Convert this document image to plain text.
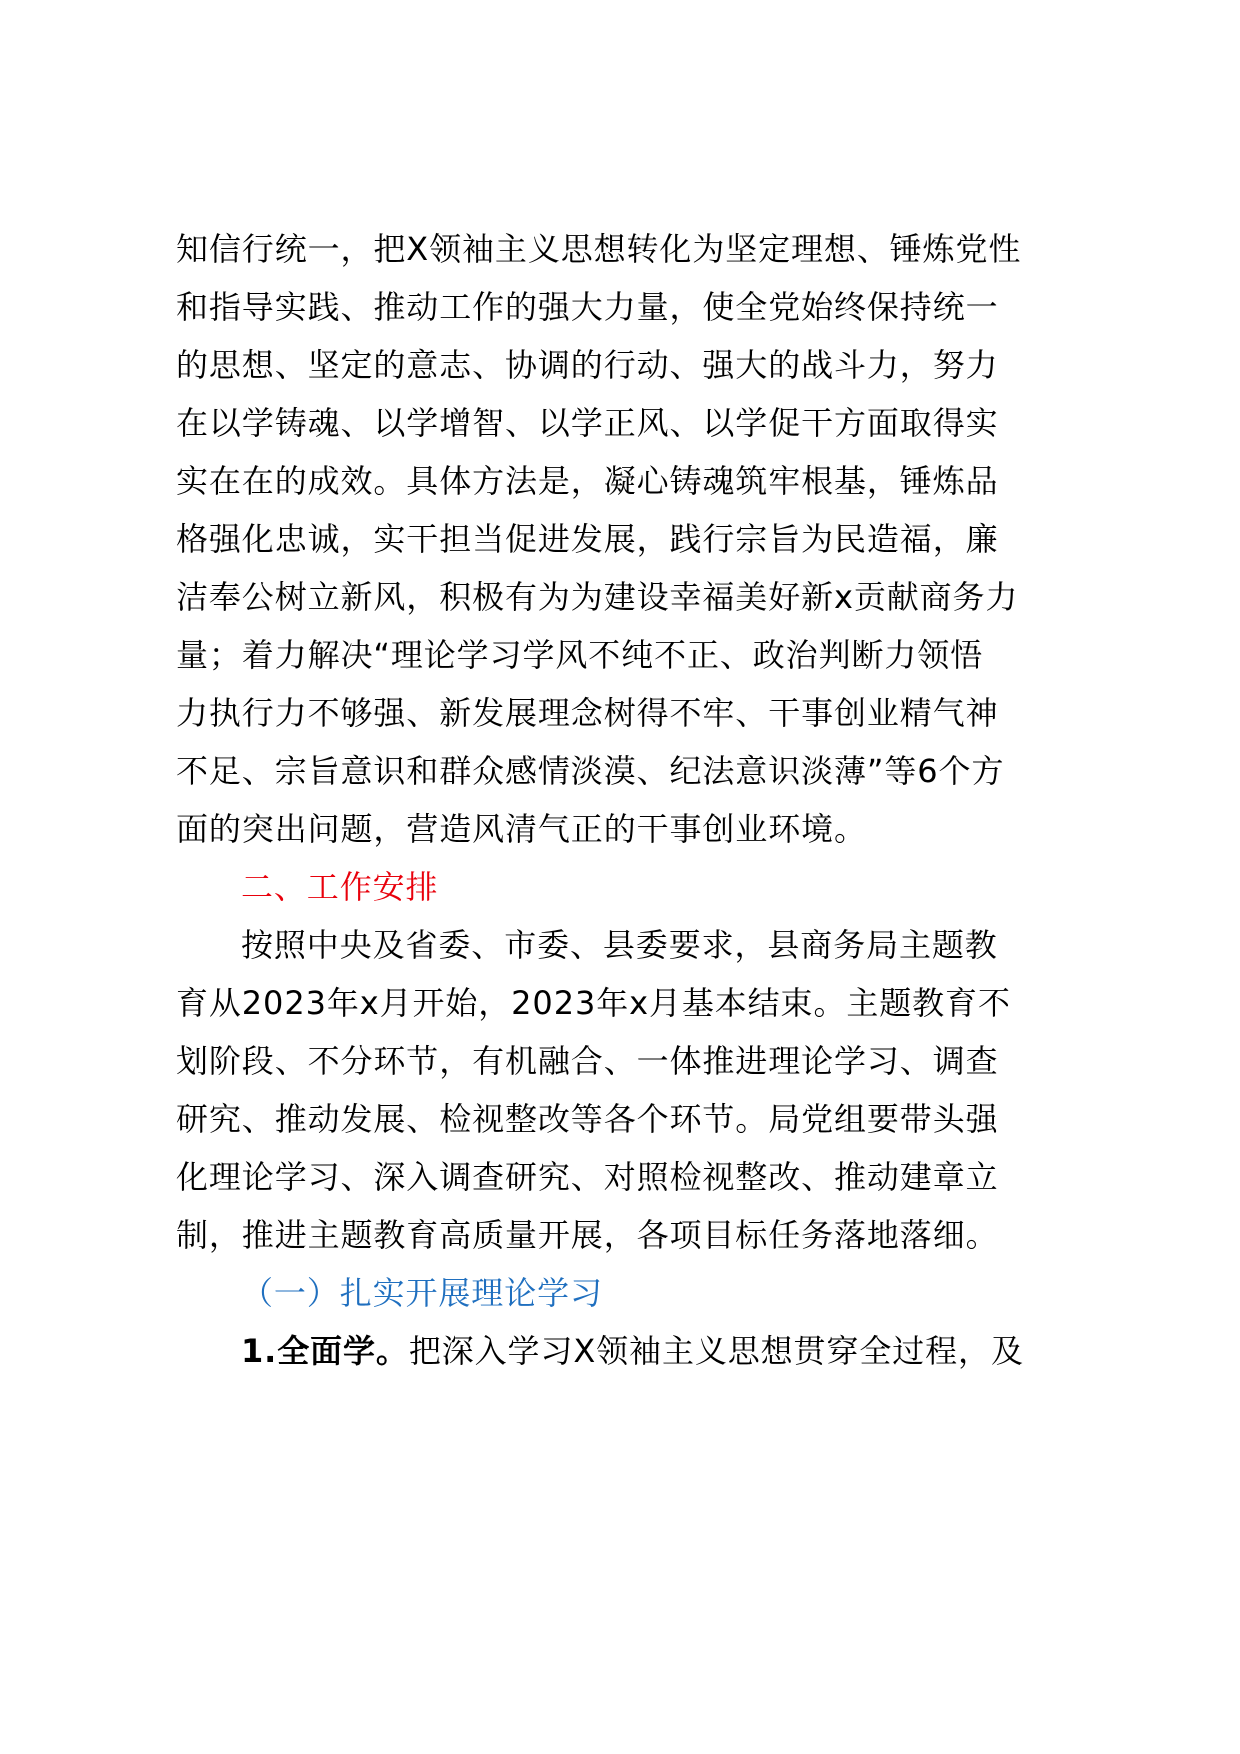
知信行统一，把X领袖主义思想转化为坚定理想、锤炼党性
和指导实践、推动工作的强大力量，使全党始终保持统一
的思想、坚定的意志、协调的行动、强大的战斗力，努力
在以学铸魂、以学增智、以学正风、以学促干方面取得实
实在在的成效。具体方法是，凝心铸魂筑牢根基，锤炼品
格强化忠诚，实干担当促进发展，践行宗旨为民造福，廉
洁奉公树立新风，积极有为为建设幸福美好新x贡献商务力
量；着力解决“理论学习学风不纯不正、政治判断力领悟
力执行力不够强、新发展理念树得不牢、干事创业精气神
不足、宗旨意识和群众感情淡漠、纪法意识淡薄”等6个方
面的突出问题，营造风清气正的干事创业环境。
二、工作安排
按照中央及省委、市委、县委要求，县商务局主题教
育从2023年x月开始，2023年x月基本结束。主题教育不
划阶段、不分环节，有机融合、一体推进理论学习、调查
研究、推动发展、检视整改等各个环节。局党组要带头强
化理论学习、深入调查研究、对照检视整改、推动建章立
制，推进主题教育高质量开展，各项目标任务落地落细。
（一）扎实开展理论学习
1.全面学。把深入学习X领袖主义思想贯穿全过程，及
